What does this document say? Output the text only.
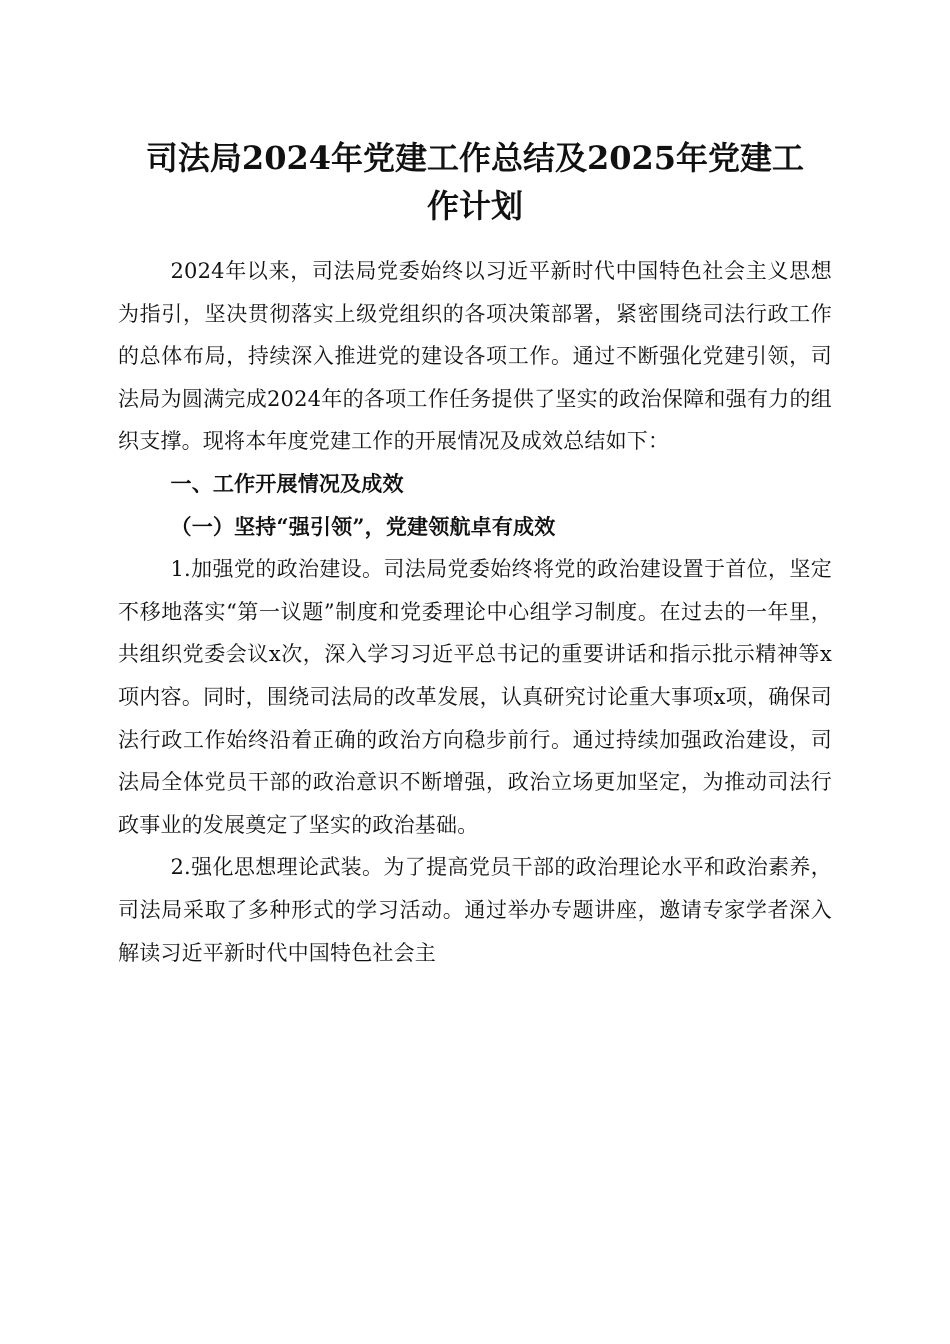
司法局2024年党建工作总结及2025年党建工
作计划

2024年以来，司法局党委始终以习近平新时代中国特色社会主义思想为指引，坚决贯彻落实上级党组织的各项决策部署，紧密围绕司法行政工作的总体布局，持续深入推进党的建设各项工作。通过不断强化党建引领，司法局为圆满完成2024年的各项工作任务提供了坚实的政治保障和强有力的组织支撑。现将本年度党建工作的开展情况及成效总结如下：

一、工作开展情况及成效

（一）坚持“强引领”，党建领航卓有成效

1.加强党的政治建设。司法局党委始终将党的政治建设置于首位，坚定不移地落实“第一议题”制度和党委理论中心组学习制度。在过去的一年里，共组织党委会议x次，深入学习习近平总书记的重要讲话和指示批示精神等x项内容。同时，围绕司法局的改革发展，认真研究讨论重大事项x项，确保司法行政工作始终沿着正确的政治方向稳步前行。通过持续加强政治建设，司法局全体党员干部的政治意识不断增强，政治立场更加坚定，为推动司法行政事业的发展奠定了坚实的政治基础。

2.强化思想理论武装。为了提高党员干部的政治理论水平和政治素养，司法局采取了多种形式的学习活动。通过举办专题讲座，邀请专家学者深入解读习近平新时代中国特色社会主
